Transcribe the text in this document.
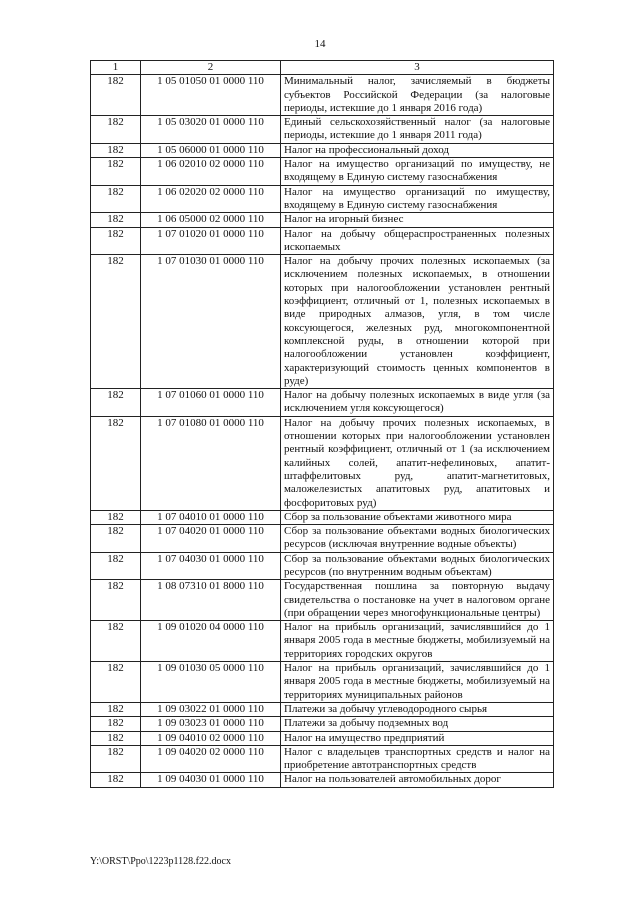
14
1	2	3
182	1 05 01050 01 0000 110	Минимальный налог, зачисляемый в бюджеты субъектов Российской Федерации (за налоговые периоды, истекшие до 1 января 2016 года)
182	1 05 03020 01 0000 110	Единый сельскохозяйственный налог (за налоговые периоды, истекшие до 1 января 2011 года)
182	1 05 06000 01 0000 110	Налог на профессиональный доход
182	1 06 02010 02 0000 110	Налог на имущество организаций по имуществу, не входящему в Единую систему газоснабжения
182	1 06 02020 02 0000 110	Налог на имущество организаций по имуществу, входящему в Единую систему газоснабжения
182	1 06 05000 02 0000 110	Налог на игорный бизнес
182	1 07 01020 01 0000 110	Налог на добычу общераспространенных полезных ископаемых
182	1 07 01030 01 0000 110	Налог на добычу прочих полезных ископаемых (за исключением полезных ископаемых, в отношении которых при налогообложении установлен рентный коэффициент, отличный от 1, полезных ископаемых в виде природных алмазов, угля, в том числе коксующегося, железных руд, многокомпонентной комплексной руды, в отношении которой при налогообложении установлен коэффициент, характеризующий стоимость ценных компонентов в руде)
182	1 07 01060 01 0000 110	Налог на добычу полезных ископаемых в виде угля (за исключением угля коксующегося)
182	1 07 01080 01 0000 110	Налог на добычу прочих полезных ископаемых, в отношении которых при налогообложении установлен рентный коэффициент, отличный от 1 (за исключением калийных солей, апатит-нефелиновых, апатит-штаффелитовых руд, апатит-магнетитовых, маложелезистых апатитовых руд, апатитовых и фосфоритовых руд)
182	1 07 04010 01 0000 110	Сбор за пользование объектами животного мира
182	1 07 04020 01 0000 110	Сбор за пользование объектами водных биологических ресурсов (исключая внутренние водные объекты)
182	1 07 04030 01 0000 110	Сбор за пользование объектами водных биологических ресурсов (по внутренним водным объектам)
182	1 08 07310 01 8000 110	Государственная пошлина за повторную выдачу свидетельства о постановке на учет в налоговом органе (при обращении через многофункциональные центры)
182	1 09 01020 04 0000 110	Налог на прибыль организаций, зачислявшийся до 1 января 2005 года в местные бюджеты, мобилизуемый на территориях городских округов
182	1 09 01030 05 0000 110	Налог на прибыль организаций, зачислявшийся до 1 января 2005 года в местные бюджеты, мобилизуемый на территориях муниципальных районов
182	1 09 03022 01 0000 110	Платежи за добычу углеводородного сырья
182	1 09 03023 01 0000 110	Платежи за добычу подземных вод
182	1 09 04010 02 0000 110	Налог на имущество предприятий
182	1 09 04020 02 0000 110	Налог с владельцев транспортных средств и налог на приобретение автотранспортных средств
182	1 09 04030 01 0000 110	Налог на пользователей автомобильных дорог
Y:\ORST\Ppo\1223p1128.f22.docx
